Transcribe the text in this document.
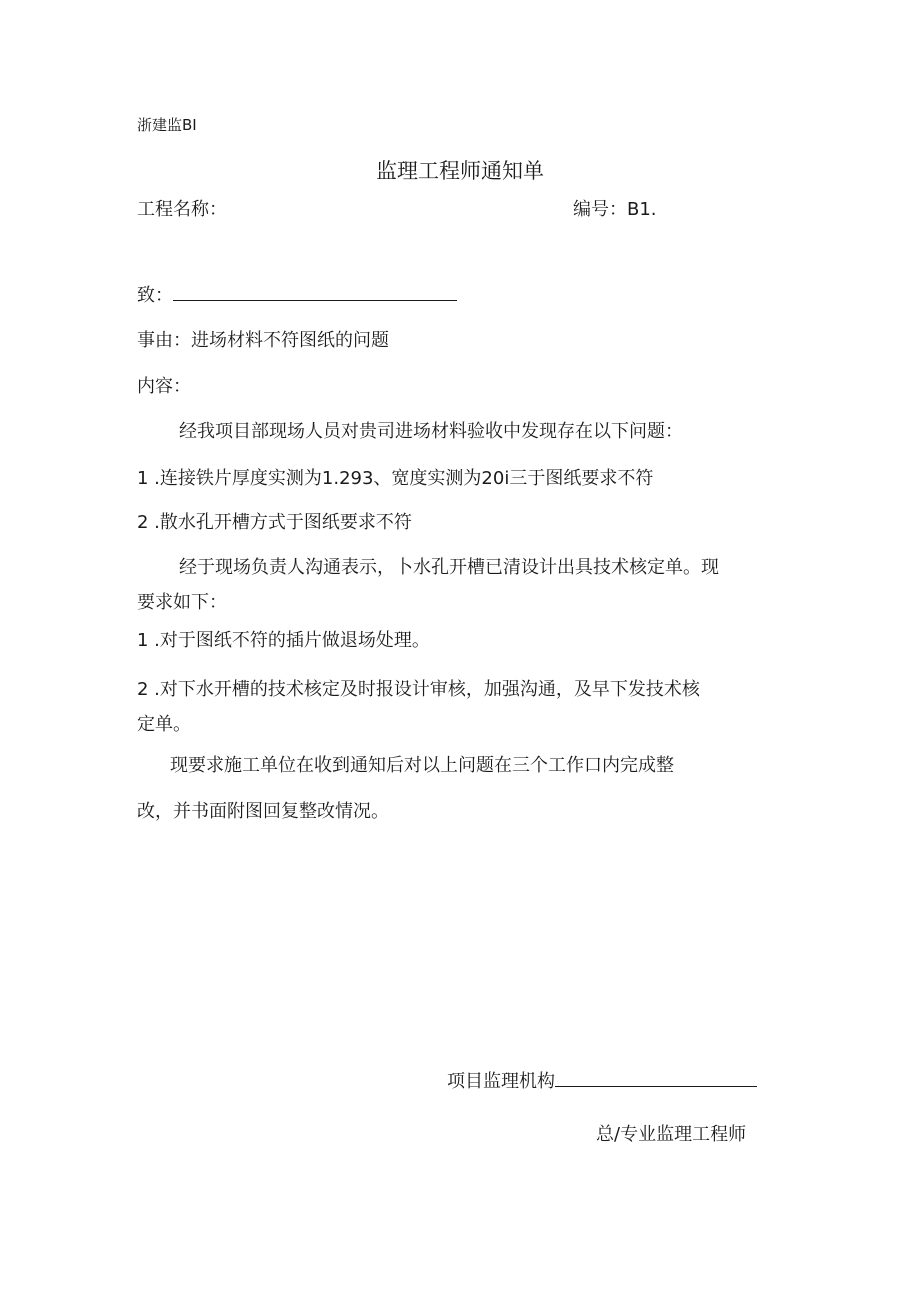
浙建监BI
监理工程师通知单
工程名称：	编号：B1.
致：
事由：进场材料不符图纸的问题
内容：
经我项目部现场人员对贵司进场材料验收中发现存在以下问题：
1 .连接铁片厚度实测为1.293、宽度实测为20i三于图纸要求不符
2 .散水孔开槽方式于图纸要求不符
经于现场负责人沟通表示，卜水孔开槽已清设计出具技术核定单。现
要求如下：
1 .对于图纸不符的插片做退场处理。
2 .对下水开槽的技术核定及时报设计审核，加强沟通，及早下发技术核
定单。
现要求施工单位在收到通知后对以上问题在三个工作口内完成整
改，并书面附图回复整改情况。
项目监理机构
总/专业监理工程师
